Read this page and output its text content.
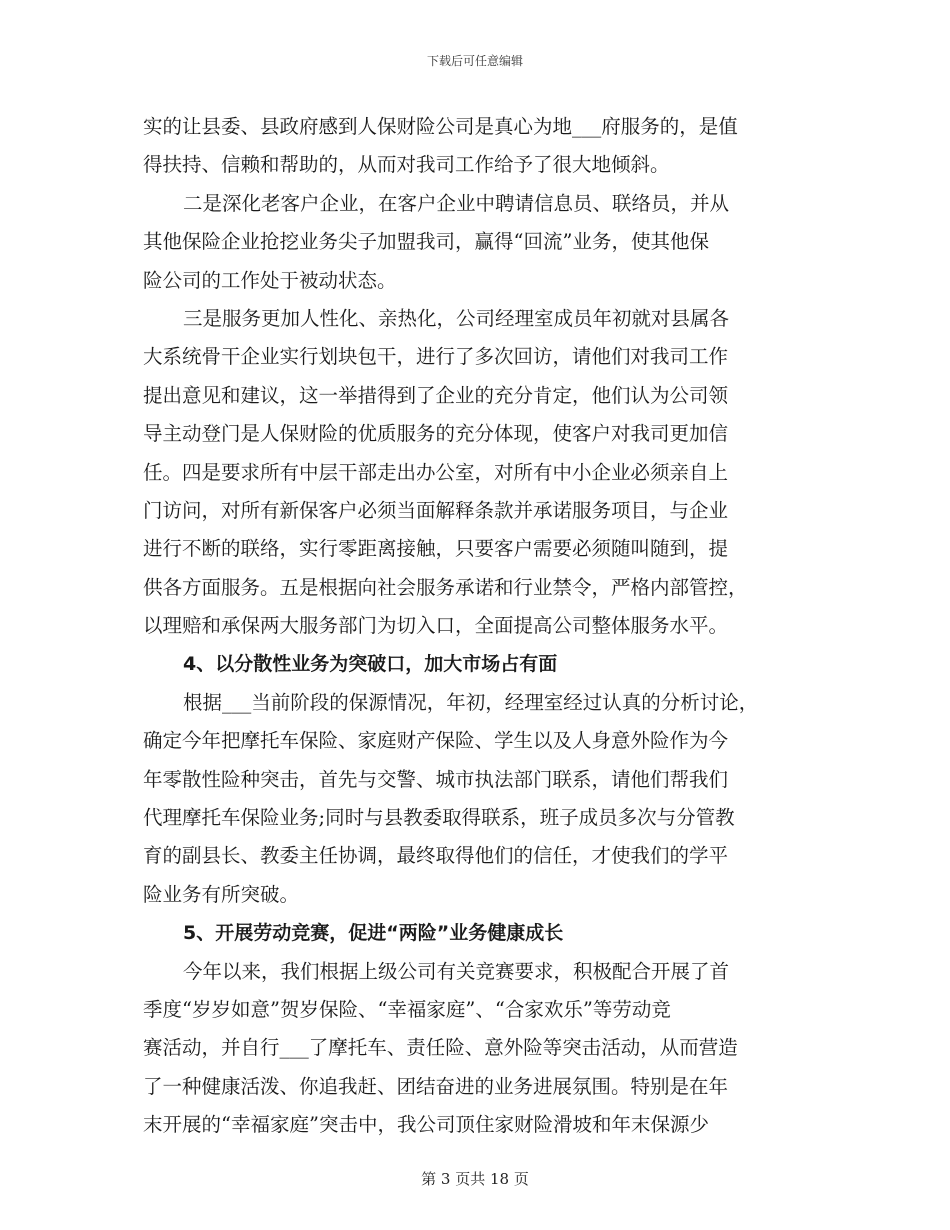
下载后可任意编辑
实的让县委、县政府感到人保财险公司是真心为地___府服务的，是值
得扶持、信赖和帮助的，从而对我司工作给予了很大地倾斜。
二是深化老客户企业，在客户企业中聘请信息员、联络员，并从
其他保险企业抢挖业务尖子加盟我司，赢得“回流”业务，使其他保
险公司的工作处于被动状态。
三是服务更加人性化、亲热化，公司经理室成员年初就对县属各
大系统骨干企业实行划块包干，进行了多次回访，请他们对我司工作
提出意见和建议，这一举措得到了企业的充分肯定，他们认为公司领
导主动登门是人保财险的优质服务的充分体现，使客户对我司更加信
任。四是要求所有中层干部走出办公室，对所有中小企业必须亲自上
门访问，对所有新保客户必须当面解释条款并承诺服务项目，与企业
进行不断的联络，实行零距离接触，只要客户需要必须随叫随到，提
供各方面服务。五是根据向社会服务承诺和行业禁令，严格内部管控，
以理赔和承保两大服务部门为切入口，全面提高公司整体服务水平。
4、以分散性业务为突破口，加大市场占有面
根据___当前阶段的保源情况，年初，经理室经过认真的分析讨论，
确定今年把摩托车保险、家庭财产保险、学生以及人身意外险作为今
年零散性险种突击，首先与交警、城市执法部门联系，请他们帮我们
代理摩托车保险业务;同时与县教委取得联系，班子成员多次与分管教
育的副县长、教委主任协调，最终取得他们的信任，才使我们的学平
险业务有所突破。
5、开展劳动竞赛，促进“两险”业务健康成长
今年以来，我们根据上级公司有关竞赛要求，积极配合开展了首
季度“岁岁如意”贺岁保险、“幸福家庭”、“合家欢乐”等劳动竞
赛活动，并自行___了摩托车、责任险、意外险等突击活动，从而营造
了一种健康活泼、你追我赶、团结奋进的业务进展氛围。特别是在年
末开展的“幸福家庭”突击中，我公司顶住家财险滑坡和年末保源少
第 3 页共 18 页
